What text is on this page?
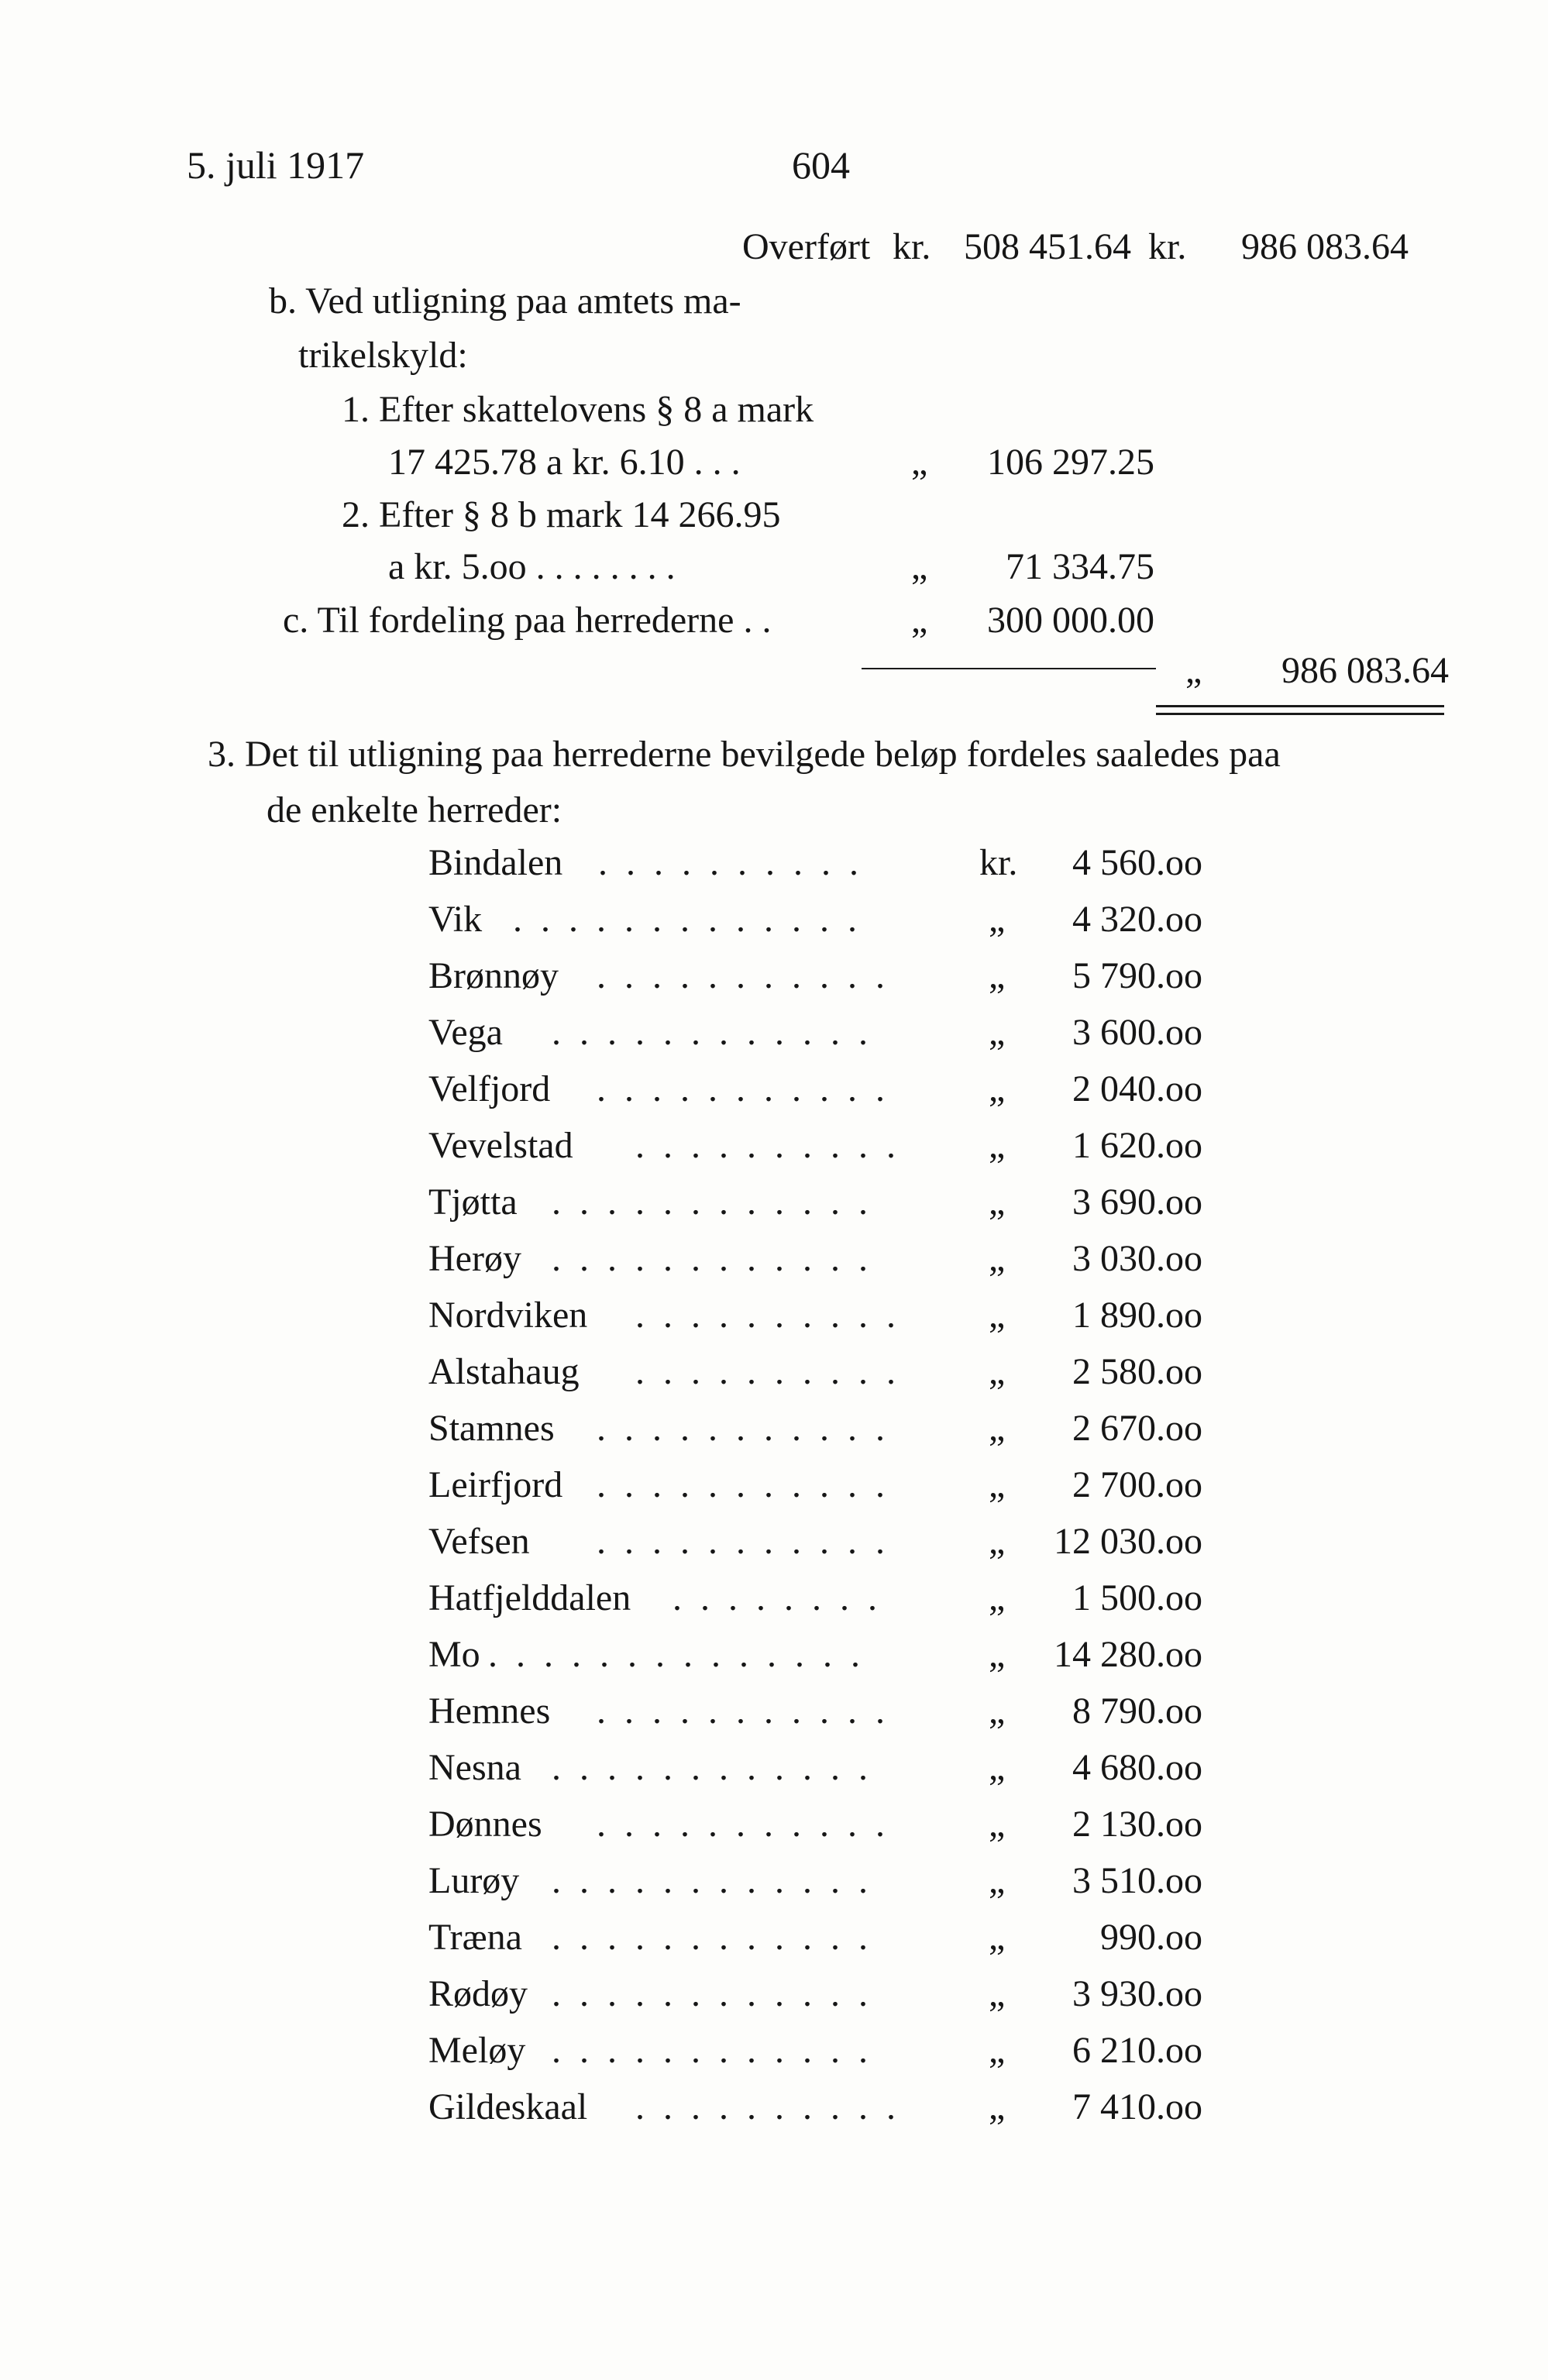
5. juli 1917	604
Overført kr. 508 451.64 kr. 986 083.64
b. Ved utligning paa amtets ma-
trikelskyld:
1. Efter skattelovens § 8 a mark
17 425.78 a kr. 6.10 . . .	„	106 297.25
2. Efter § 8 b mark 14 266.95
a kr. 5.oo . . . . . . . .	„	71 334.75
c. Til fordeling paa herrederne . .	„	300 000.00
„	986 083.64
3. Det til utligning paa herrederne bevilgede beløp fordeles saaledes paa
de enkelte herreder:
Bindalen . . . . . . . . . .	kr.	4 560.oo
Vik . . . . . . . . . . . . .	„	4 320.oo
Brønnøy . . . . . . . . . . .	„	5 790.oo
Vega . . . . . . . . . . . .	„	3 600.oo
Velfjord . . . . . . . . . . .	„	2 040.oo
Vevelstad . . . . . . . . . . „	1 620.oo
Tjøtta . . . . . . . . . . . .	„	3 690.oo
Herøy . . . . . . . . . . . .	„	3 030.oo
Nordviken . . . . . . . . . . „	1 890.oo
Alstahaug . . . . . . . . . . „	2 580.oo
Stamnes . . . . . . . . . . .	„	2 670.oo
Leirfjord . . . . . . . . . . .	„	2 700.oo
Vefsen . . . . . . . . . . .	„	12 030.oo
Hatfjelddalen . . . . . . . .	„	1 500.oo
Mo . . . . . . . . . . . . . .	„	14 280.oo
Hemnes . . . . . . . . . . .	„	8 790.oo
Nesna . . . . . . . . . . . .	„	4 680.oo
Dønnes . . . . . . . . . . .	„	2 130.oo
Lurøy . . . . . . . . . . . .	„	3 510.oo
Træna . . . . . . . . . . . .	„	990.oo
Rødøy . . . . . . . . . . . .	„	3 930.oo
Meløy . . . . . . . . . . . .	„	6 210.oo
Gildeskaal . . . . . . . . . . „	7 410.oo
